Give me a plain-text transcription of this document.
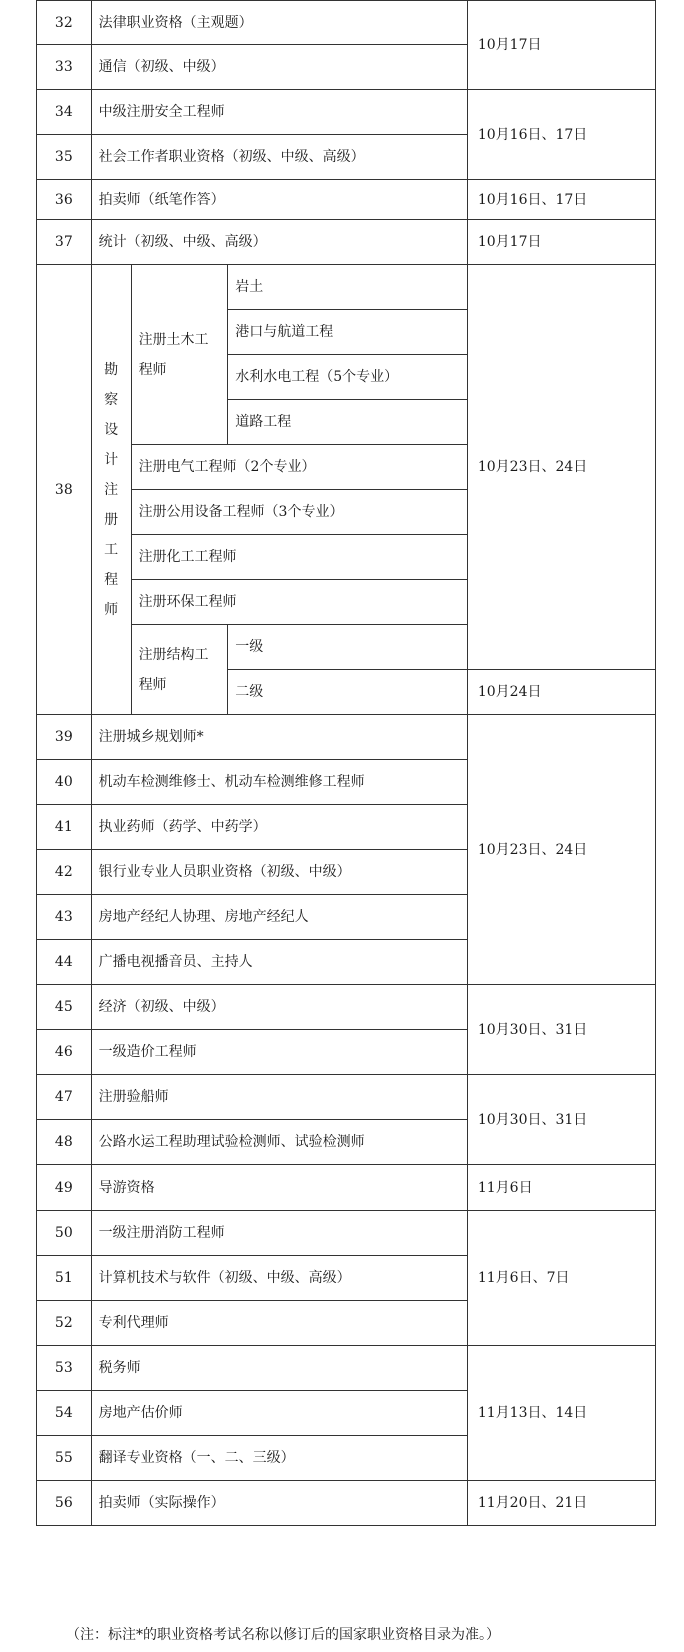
32	法律职业资格（主观题）			10月17日
33	通信（初级、中级）			
34	中级注册安全工程师			10月16日、17日
35	社会工作者职业资格（初级、中级、高级）			
36	拍卖师（纸笔作答）			10月16日、17日
37	统计（初级、中级、高级）			10月17日
38	勘察设计注册工程师	注册土木工程师	岩土	10月23日、24日
			港口与航道工程	
			水利水电工程（5个专业）	
			道路工程	
		注册电气工程师（2个专业）		
		注册公用设备工程师（3个专业）		
		注册化工工程师		
		注册环保工程师		
		注册结构工程师	一级	
			二级	10月24日
39	注册城乡规划师*			10月23日、24日
40	机动车检测维修士、机动车检测维修工程师			
41	执业药师（药学、中药学）			
42	银行业专业人员职业资格（初级、中级）			
43	房地产经纪人协理、房地产经纪人			
44	广播电视播音员、主持人			
45	经济（初级、中级）			10月30日、31日
46	一级造价工程师			
47	注册验船师			10月30日、31日
48	公路水运工程助理试验检测师、试验检测师			
49	导游资格			11月6日
50	一级注册消防工程师			11月6日、7日
51	计算机技术与软件（初级、中级、高级）			
52	专利代理师			
53	税务师			11月13日、14日
54	房地产估价师			
55	翻译专业资格（一、二、三级）			
56	拍卖师（实际操作）			11月20日、21日
（注：标注*的职业资格考试名称以修订后的国家职业资格目录为准。）
